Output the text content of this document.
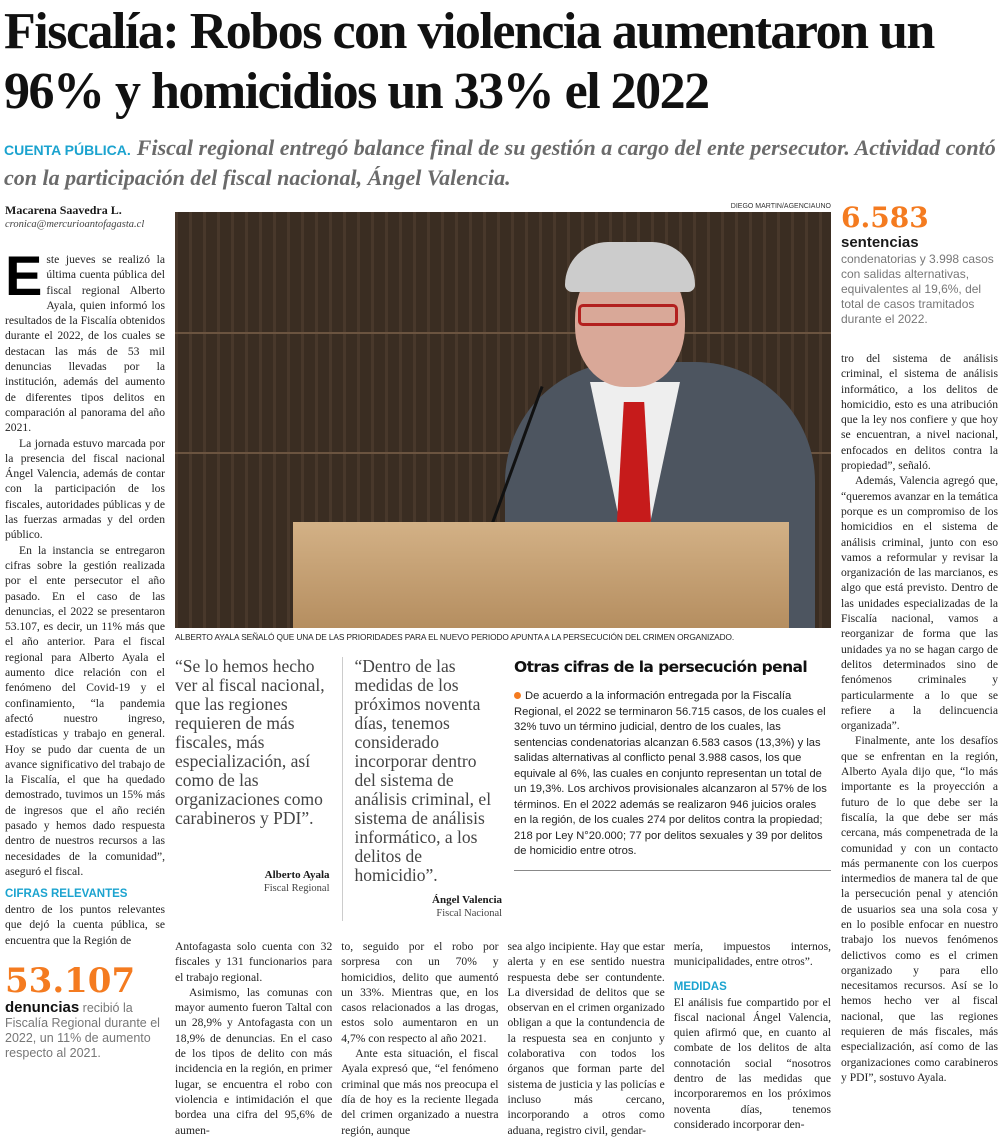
Fiscalía: Robos con violencia aumentaron un 96% y homicidios un 33% el 2022
CUENTA PÚBLICA. Fiscal regional entregó balance final de su gestión a cargo del ente persecutor. Actividad contó con la participación del fiscal nacional, Ángel Valencia.
Macarena Saavedra L.
cronica@mercurioantofagasta.cl

Este jueves se realizó la última cuenta pública del fiscal regional Alberto Ayala, quien informó los resultados de la Fiscalía obtenidos durante el 2022, de los cuales se destacan las más de 53 mil denuncias llevadas por la institución, además del aumento de diferentes tipos delitos en comparación al panorama del año 2021.

La jornada estuvo marcada por la presencia del fiscal nacional Ángel Valencia, además de contar con la participación de los fiscales, autoridades públicas y de las fuerzas armadas y del orden público.

En la instancia se entregaron cifras sobre la gestión realizada por el ente persecutor el año pasado. En el caso de las denuncias, el 2022 se presentaron 53.107, es decir, un 11% más que el año anterior. Para el fiscal regional para Alberto Ayala el aumento dice relación con el fenómeno del Covid-19 y el confinamiento, “la pandemia afectó nuestro ingreso, estadísticas y trabajo en general. Hoy se pudo dar cuenta de un avance significativo del trabajo de la Fiscalía, el que ha quedado demostrado, tuvimos un 15% más de ingresos que el año recién pasado y hemos dado respuesta dentro de nuestros recursos a las necesidades de la comunidad”, aseguró el fiscal.

CIFRAS RELEVANTES

dentro de los puntos relevantes que dejó la cuenta pública, se encuentra que la Región de

53.107
denuncias recibió la Fiscalía Regional durante el 2022, un 11% de aumento respecto al 2021.
DIEGO MARTIN/AGENCIAUNO
ALBERTO AYALA SEÑALÓ QUE UNA DE LAS PRIORIDADES PARA EL NUEVO PERIODO APUNTA A LA PERSECUCIÓN DEL CRIMEN ORGANIZADO.
“Se lo hemos hecho ver al fiscal nacional, que las regiones requieren de más fiscales, más especialización, así como de las organizaciones como carabineros y PDI”.
Alberto Ayala
Fiscal Regional
“Dentro de las medidas de los próximos noventa días, tenemos considerado incorporar dentro del sistema de análisis criminal, el sistema de análisis informático, a los delitos de homicidio”.
Ángel Valencia
Fiscal Nacional
Otras cifras de la persecución penal
De acuerdo a la información entregada por la Fiscalía Regional, el 2022 se terminaron 56.715 casos, de los cuales el 32% tuvo un término judicial, dentro de los cuales, las sentencias condenatorias alcanzan 6.583 casos (13,3%) y las salidas alternativas al conflicto penal 3.988 casos, los que equivale al 6%, las cuales en conjunto representan un total de un 19,3%. Los archivos provisionales alcanzaron al 57% de los términos. En el 2022 además se realizaron 946 juicios orales en la región, de los cuales 274 por delitos contra la propiedad; 218 por Ley N°20.000; 77 por delitos sexuales y 39 por delitos de homicidio entre otros.

Antofagasta solo cuenta con 32 fiscales y 131 funcionarios para el trabajo regional.

Asimismo, las comunas con mayor aumento fueron Taltal con un 28,9% y Antofagasta con un 18,9% de denuncias. En el caso de los tipos de delito con más incidencia en la región, en primer lugar, se encuentra el robo con violencia e intimidación el que bordea una cifra del 95,6% de aumen-

to, seguido por el robo por sorpresa con un 70% y homicidios, delito que aumentó un 33%. Mientras que, en los casos relacionados a las drogas, estos solo aumentaron en un 4,7% con respecto al año 2021.

Ante esta situación, el fiscal Ayala expresó que, “el fenómeno criminal que más nos preocupa el día de hoy es la reciente llegada del crimen organizado a nuestra región, aunque

sea algo incipiente. Hay que estar alerta y en ese sentido nuestra respuesta debe ser contundente. La diversidad de delitos que se observan en el crimen organizado obligan a que la contundencia de la respuesta sea en conjunto y colaborativa con todos los órganos que forman parte del sistema de justicia y las policías e incluso más cercano, incorporando a otros como aduana, registro civil, gendar-

mería, impuestos internos, municipalidades, entre otros”.

MEDIDAS

El análisis fue compartido por el fiscal nacional Ángel Valencia, quien afirmó que, en cuanto al combate de los delitos de alta connotación social “nosotros dentro de las medidas que incorporaremos en los próximos noventa días, tenemos considerado incorporar den-

6.583 sentencias
condenatorias y 3.998 casos con salidas alternativas, equivalentes al 19,6%, del total de casos tramitados durante el 2022.

tro del sistema de análisis criminal, el sistema de análisis informático, a los delitos de homicidio, esto es una atribución que la ley nos confiere y que hoy se encuentran, a nivel nacional, enfocados en delitos contra la propiedad”, señaló.

Además, Valencia agregó que, “queremos avanzar en la temática porque es un compromiso de los homicidios en el sistema de análisis criminal, junto con eso vamos a reformular y revisar la organización de las marcianos, es algo que está previsto. Dentro de las unidades especializadas de la Fiscalía nacional, vamos a reorganizar de forma que las unidades ya no se hagan cargo de delitos determinados sino de fenómenos criminales y particularmente a lo que se refiere a la delincuencia organizada”.

Finalmente, ante los desafíos que se enfrentan en la región, Alberto Ayala dijo que, “lo más importante es la proyección a futuro de lo que debe ser la fiscalía, la que debe ser más cercana, más compenetrada de la comunidad y con un contacto más permanente con los cuerpos intermedios de manera tal de que la persecución penal y atención de usuarios sea una sola cosa y en lo posible enfocar en nuestro trabajo los nuevos fenómenos delictivos como es el crimen organizado y para ello necesitamos recursos. Así se lo hemos hecho ver al fiscal nacional, que las regiones requieren de más fiscales, más especialización, así como de las organizaciones como carabineros y PDI”, sostuvo Ayala.
